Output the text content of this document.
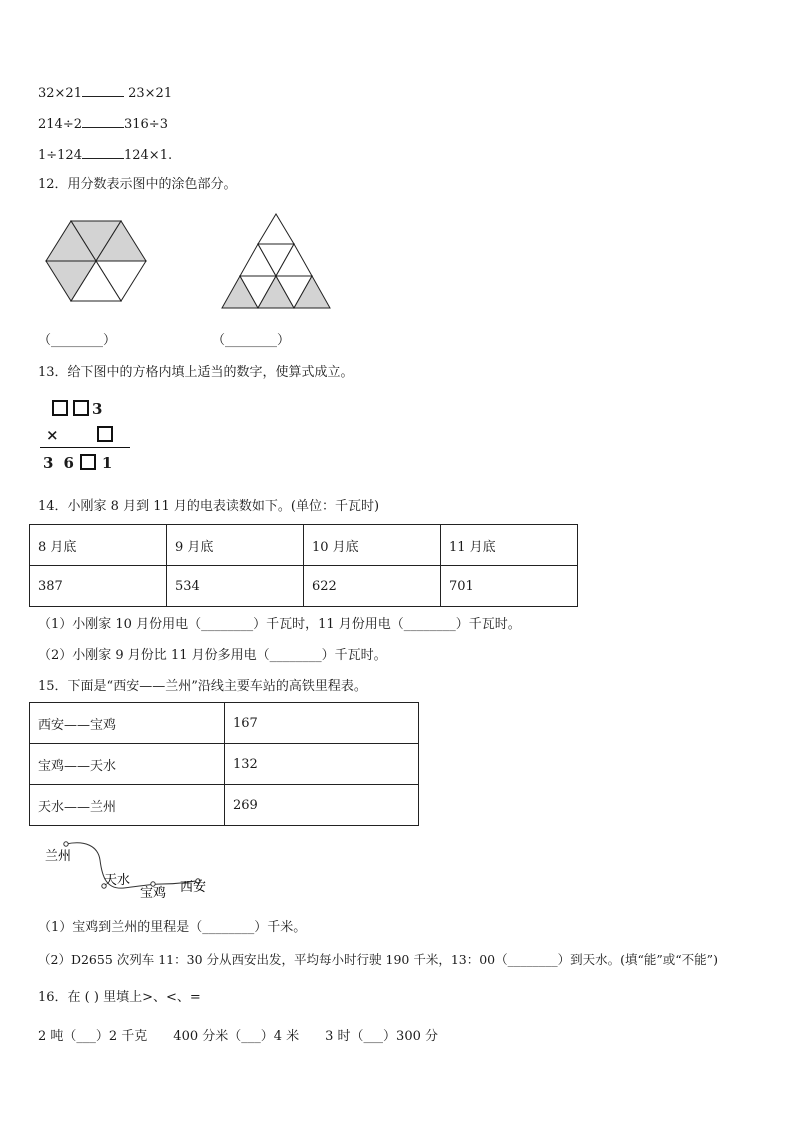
32×21	23×21
214÷2	316÷3
1÷124	124×1.
12．用分数表示图中的涂色部分。
（________）	（________）
13．给下图中的方格内填上适当的数字，使算式成立。
3
×
3 6 1
14．小刚家 8 月到 11 月的电表读数如下。(单位：千瓦时)
8 月底	9 月底	10 月底	11 月底
387	534	622	701
（1）小刚家 10 月份用电（________）千瓦时，11 月份用电（________）千瓦时。
（2）小刚家 9 月份比 11 月份多用电（________）千瓦时。
15．下面是“西安——兰州”沿线主要车站的高铁里程表。
西安——宝鸡	167
宝鸡——天水	132
天水——兰州	269
兰州
天水
宝鸡 西安
（1）宝鸡到兰州的里程是（________）千米。
（2）D2655 次列车 11：30 分从西安出发，平均每小时行驶 190 千米，13：00（________）到天水。(填“能”或“不能”)
16．在 ( ) 里填上>、<、=
2 吨（___）2 千克　　400 分米（___）4 米　　3 时（___）300 分
